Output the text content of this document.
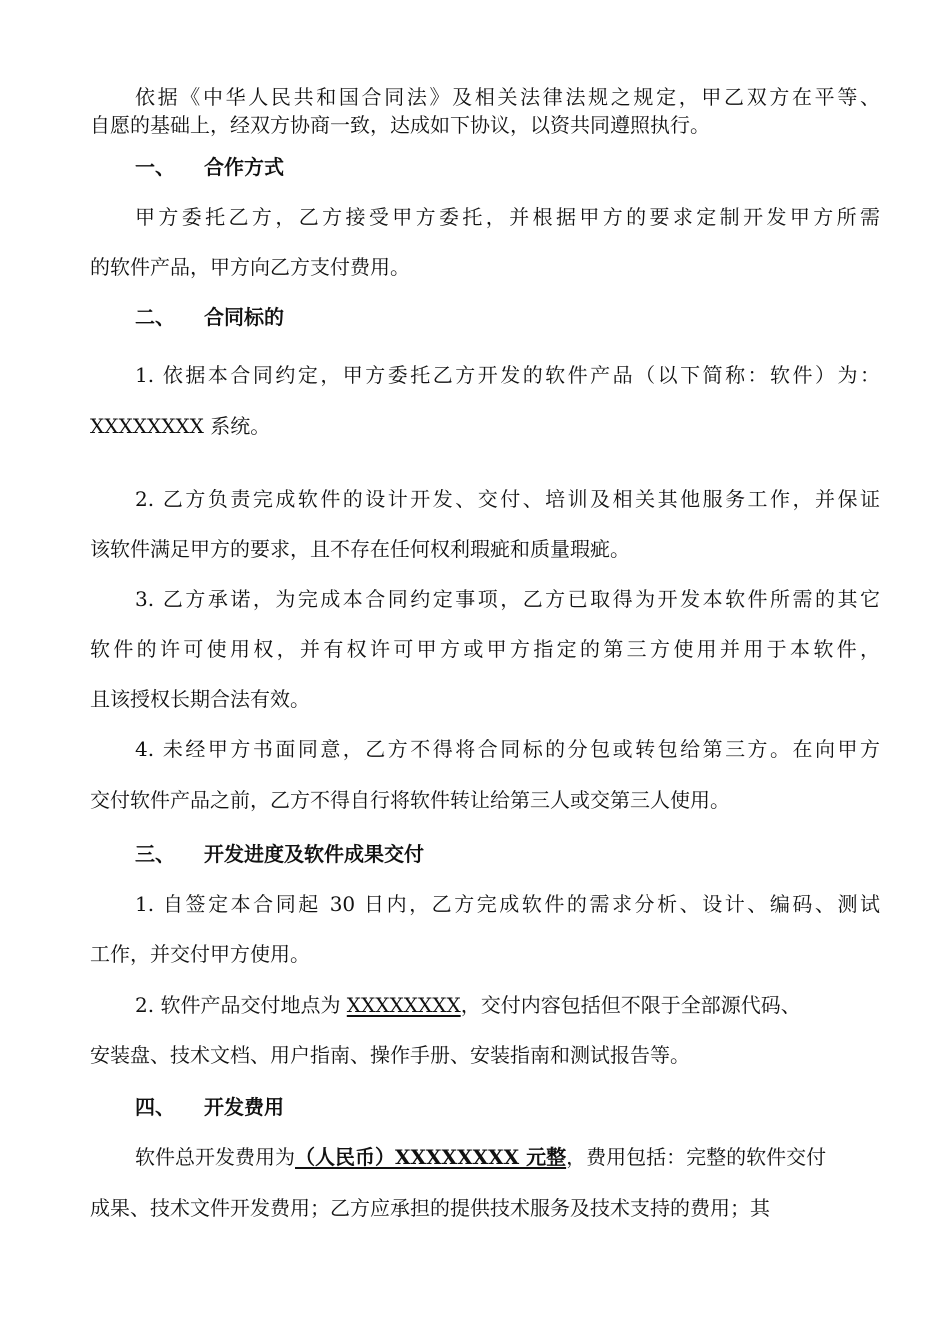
依据《中华人民共和国合同法》及相关法律法规之规定，甲乙双方在平等、
自愿的基础上，经双方协商一致，达成如下协议，以资共同遵照执行。
一、 合作方式
甲方委托乙方，乙方接受甲方委托，并根据甲方的要求定制开发甲方所需
的软件产品，甲方向乙方支付费用。
二、 合同标的
1. 依据本合同约定，甲方委托乙方开发的软件产品（以下简称：软件）为：
XXXXXXXX 系统。
2. 乙方负责完成软件的设计开发、交付、培训及相关其他服务工作，并保证
该软件满足甲方的要求，且不存在任何权利瑕疵和质量瑕疵。
3. 乙方承诺，为完成本合同约定事项，乙方已取得为开发本软件所需的其它
软件的许可使用权，并有权许可甲方或甲方指定的第三方使用并用于本软件，
且该授权长期合法有效。
4. 未经甲方书面同意，乙方不得将合同标的分包或转包给第三方。在向甲方
交付软件产品之前，乙方不得自行将软件转让给第三人或交第三人使用。
三、 开发进度及软件成果交付
1. 自签定本合同起 30 日内，乙方完成软件的需求分析、设计、编码、测试
工作，并交付甲方使用。
2. 软件产品交付地点为 XXXXXXXX，交付内容包括但不限于全部源代码、
安装盘、技术文档、用户指南、操作手册、安装指南和测试报告等。
四、 开发费用
软件总开发费用为（人民币）XXXXXXXX 元整，费用包括：完整的软件交付
成果、技术文件开发费用；乙方应承担的提供技术服务及技术支持的费用；其
